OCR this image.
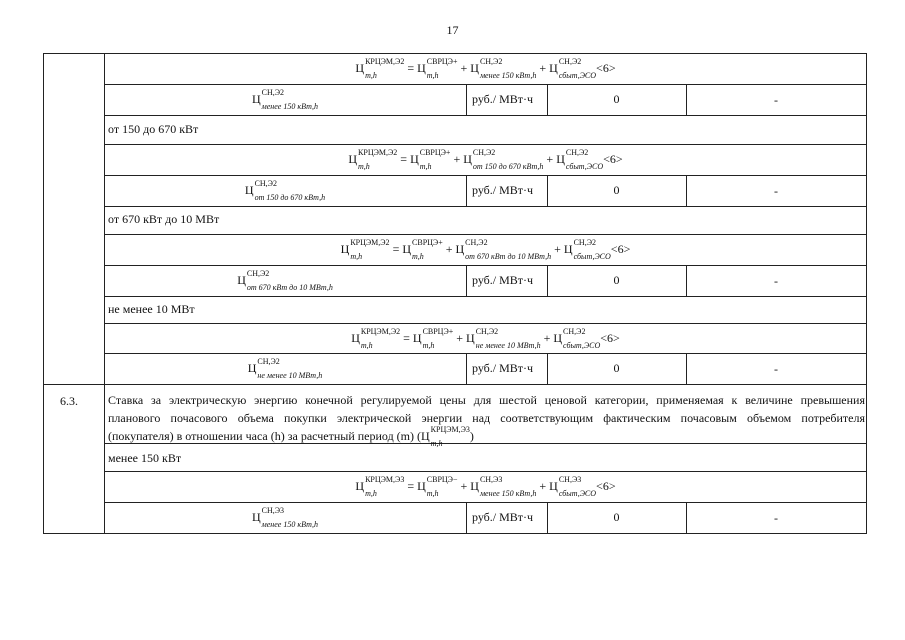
17
Ц КРЦЭМ,Э2
m,h
= Ц СВРЦЭ+
m,h
+ Ц СН,Э2
менее 150 кВт,h
+ Ц СН,Э2
сбыт,ЭСО
<6>
Ц СН,Э2
менее 150 кВт,h
руб./ МВт·ч	0	-
от 150 до 670 кВт
Ц КРЦЭМ,Э2
m,h
= Ц СВРЦЭ+
m,h
+ Ц СН,Э2
от 150 до 670 кВт,h
+ Ц СН,Э2
сбыт,ЭСО
<6>
Ц СН,Э2
от 150 до 670 кВт,h
руб./ МВт·ч	0	-
от 670 кВт до 10 МВт
Ц КРЦЭМ,Э2
m,h
= Ц СВРЦЭ+
m,h
+ Ц СН,Э2
от 670 кВт до 10 МВт,h
+ Ц СН,Э2
сбыт,ЭСО
<6>
Ц СН,Э2
от 670 кВт до 10 МВт,h
руб./ МВт·ч	0	-
не менее 10 МВт
Ц КРЦЭМ,Э2
m,h
= Ц СВРЦЭ+
m,h
+ Ц СН,Э2
не менее 10 МВт,h
+ Ц СН,Э2
сбыт,ЭСО
<6>
Ц СН,Э2
не менее 10 МВт,h
руб./ МВт·ч	0	-
6.3.	Ставка за электрическую энергию конечной регулируемой цены для шестой ценовой категории, применяемая к величине превышения
планового почасового объема покупки электрической энергии над соответствующим фактическим почасовым объемом потребителя
(покупателя) в отношении часа (h) за расчетный период (m) (Ц КРЦЭМ,Э3
m,h
)
менее 150 кВт
Ц КРЦЭМ,Э3
m,h
= Ц СВРЦЭ−
m,h
+ Ц СН,Э3
менее 150 кВт,h
+ Ц СН,Э3
сбыт,ЭСО
<6>
Ц СН,Э3
менее 150 кВт,h
руб./ МВт·ч	0	-
